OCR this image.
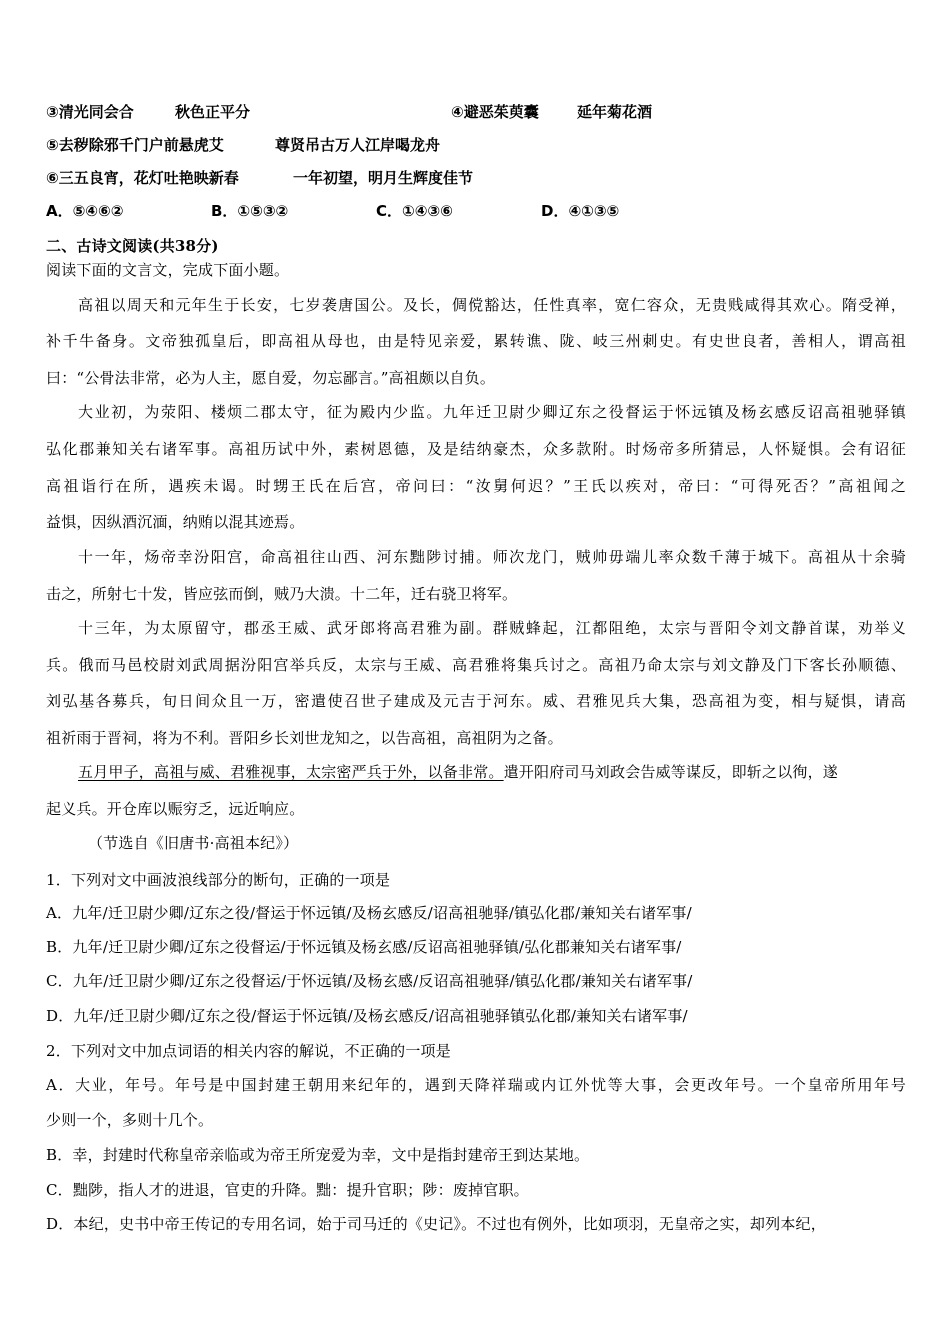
③清光同会合	秋色正平分	④避恶茱萸囊	延年菊花酒
⑤去秽除邪千门户前悬虎艾	尊贤吊古万人江岸喝龙舟
⑥三五良宵，花灯吐艳映新春	一年初望，明月生辉度佳节
A．⑤④⑥②	B．①⑤③②	C．①④③⑥	D．④①③⑤
二、古诗文阅读(共38分)
阅读下面的文言文，完成下面小题。
高祖以周天和元年生于长安，七岁袭唐国公。及长，倜傥豁达，任性真率，宽仁容众，无贵贱咸得其欢心。隋受禅，
补千牛备身。文帝独孤皇后，即高祖从母也，由是特见亲爱，累转谯、陇、岐三州刺史。有史世良者，善相人，谓高祖
曰：“公骨法非常，必为人主，愿自爱，勿忘鄙言。”高祖颇以自负。
大业初，为荥阳、楼烦二郡太守，征为殿内少监。九年迁卫尉少卿辽东之役督运于怀远镇及杨玄感反诏高祖驰驿镇
弘化郡兼知关右诸军事。高祖历试中外，素树恩德，及是结纳豪杰，众多款附。时炀帝多所猜忌，人怀疑惧。会有诏征
高祖诣行在所，遇疾未谒。时甥王氏在后宫，帝问曰：“汝舅何迟？”王氏以疾对，帝曰：“可得死否？”高祖闻之
益惧，因纵酒沉湎，纳贿以混其迹焉。
十一年，炀帝幸汾阳宫，命高祖往山西、河东黜陟讨捕。师次龙门，贼帅毋端儿率众数千薄于城下。高祖从十余骑
击之，所射七十发，皆应弦而倒，贼乃大溃。十二年，迁右骁卫将军。
十三年，为太原留守，郡丞王威、武牙郎将高君雅为副。群贼蜂起，江都阻绝，太宗与晋阳令刘文静首谋，劝举义
兵。俄而马邑校尉刘武周据汾阳宫举兵反，太宗与王威、高君雅将集兵讨之。高祖乃命太宗与刘文静及门下客长孙顺德、
刘弘基各募兵，旬日间众且一万，密遣使召世子建成及元吉于河东。威、君雅见兵大集，恐高祖为变，相与疑惧，请高
祖祈雨于晋祠，将为不利。晋阳乡长刘世龙知之，以告高祖，高祖阴为之备。
五月甲子，高祖与威、君雅视事，太宗密严兵于外，以备非常。遣开阳府司马刘政会告威等谋反，即斩之以徇，遂
起义兵。开仓库以赈穷乏，远近响应。
（节选自《旧唐书·高祖本纪》）
1．下列对文中画波浪线部分的断句，正确的一项是
A．九年/迁卫尉少卿/辽东之役/督运于怀远镇/及杨玄感反/诏高祖驰驿/镇弘化郡/兼知关右诸军事/
B．九年/迁卫尉少卿/辽东之役督运/于怀远镇及杨玄感/反诏高祖驰驿镇/弘化郡兼知关右诸军事/
C．九年/迁卫尉少卿/辽东之役督运/于怀远镇/及杨玄感/反诏高祖驰驿/镇弘化郡/兼知关右诸军事/
D．九年/迁卫尉少卿/辽东之役/督运于怀远镇/及杨玄感反/诏高祖驰驿镇弘化郡/兼知关右诸军事/
2．下列对文中加点词语的相关内容的解说，不正确的一项是
A．大业，年号。年号是中国封建王朝用来纪年的，遇到天降祥瑞或内讧外忧等大事，会更改年号。一个皇帝所用年号
少则一个，多则十几个。
B．幸，封建时代称皇帝亲临或为帝王所宠爱为幸，文中是指封建帝王到达某地。
C．黜陟，指人才的进退，官吏的升降。黜：提升官职；陟：废掉官职。
D．本纪，史书中帝王传记的专用名词，始于司马迁的《史记》。不过也有例外，比如项羽，无皇帝之实，却列本纪，
